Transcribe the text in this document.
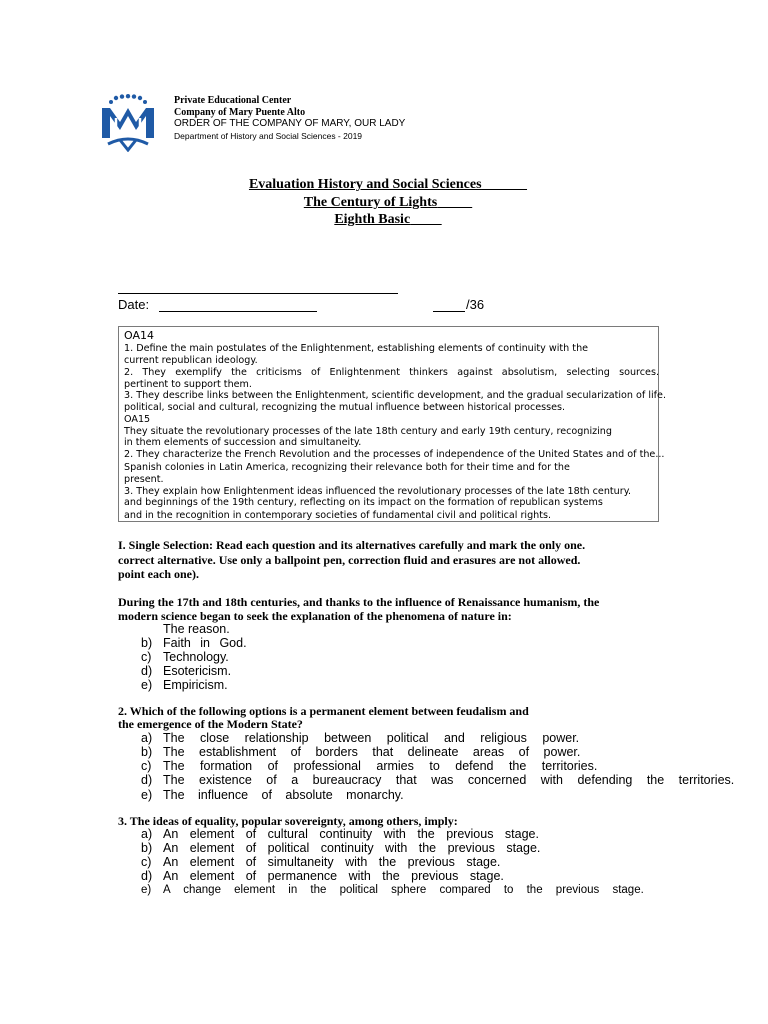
Private Educational Center
Company of Mary Puente Alto
ORDER OF THE COMPANY OF MARY, OUR LADY
Department of History and Social Sciences - 2019
Evaluation History and Social Sciences
The Century of Lights
Eighth Basic
Date:	/36
OA14
1. Define the main postulates of the Enlightenment, establishing elements of continuity with the
current republican ideology.
2. They exemplify the criticisms of Enlightenment thinkers against absolutism, selecting sources.
pertinent to support them.
3. They describe links between the Enlightenment, scientific development, and the gradual secularization of life.
political, social and cultural, recognizing the mutual influence between historical processes.
OA15
They situate the revolutionary processes of the late 18th century and early 19th century, recognizing
in them elements of succession and simultaneity.
2. They characterize the French Revolution and the processes of independence of the United States and of the...
Spanish colonies in Latin America, recognizing their relevance both for their time and for the
present.
3. They explain how Enlightenment ideas influenced the revolutionary processes of the late 18th century.
and beginnings of the 19th century, reflecting on its impact on the formation of republican systems
and in the recognition in contemporary societies of fundamental civil and political rights.
I. Single Selection: Read each question and its alternatives carefully and mark the only one.
correct alternative. Use only a ballpoint pen, correction fluid and erasures are not allowed.
point each one).
During the 17th and 18th centuries, and thanks to the influence of Renaissance humanism, the
modern science began to seek the explanation of the phenomena of nature in:
The reason.
b) Faith in God.
c) Technology.
d) Esotericism.
e) Empiricism.
2. Which of the following options is a permanent element between feudalism and
the emergence of the Modern State?
a) The close relationship between political and religious power.
b) The establishment of borders that delineate areas of power.
c) The formation of professional armies to defend the territories.
d) The existence of a bureaucracy that was concerned with defending the territories.
e) The influence of absolute monarchy.
3. The ideas of equality, popular sovereignty, among others, imply:
a) An element of cultural continuity with the previous stage.
b) An element of political continuity with the previous stage.
c) An element of simultaneity with the previous stage.
d) An element of permanence with the previous stage.
e) A change element in the political sphere compared to the previous stage.
